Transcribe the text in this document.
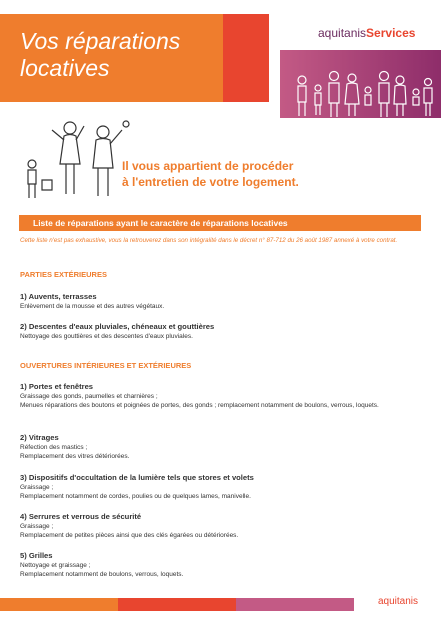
Vos réparations
locatives
aquitanisServices
Il vous appartient de procéder
à l'entretien de votre logement.
Liste de réparations ayant le caractère de réparations locatives
Cette liste n'est pas exhaustive, vous la retrouverez dans son intégralité dans le décret n° 87-712 du 26 août 1987 annexé à votre contrat.
PARTIES EXTÉRIEURES
1) Auvents, terrasses
Enlèvement de la mousse et des autres végétaux.
2) Descentes d'eaux pluviales, chéneaux et gouttières
Nettoyage des gouttières et des descentes d'eaux pluviales.
OUVERTURES INTÉRIEURES ET EXTÉRIEURES
1) Portes et fenêtres
Graissage des gonds, paumelles et charnières ;
Menues réparations des boutons et poignées de portes, des gonds ; remplacement notamment de boulons, verrous, loquets.
2) Vitrages
Réfection des mastics ;
Remplacement des vitres détériorées.
3) Dispositifs d'occultation de la lumière tels que stores et volets
Graissage ;
Remplacement notamment de cordes, poulies ou de quelques lames, manivelle.
4) Serrures et verrous de sécurité
Graissage ;
Remplacement de petites pièces ainsi que des clés égarées ou détériorées.
5) Grilles
Nettoyage et graissage ;
Remplacement notamment de boulons, verrous, loquets.
aquitanis
